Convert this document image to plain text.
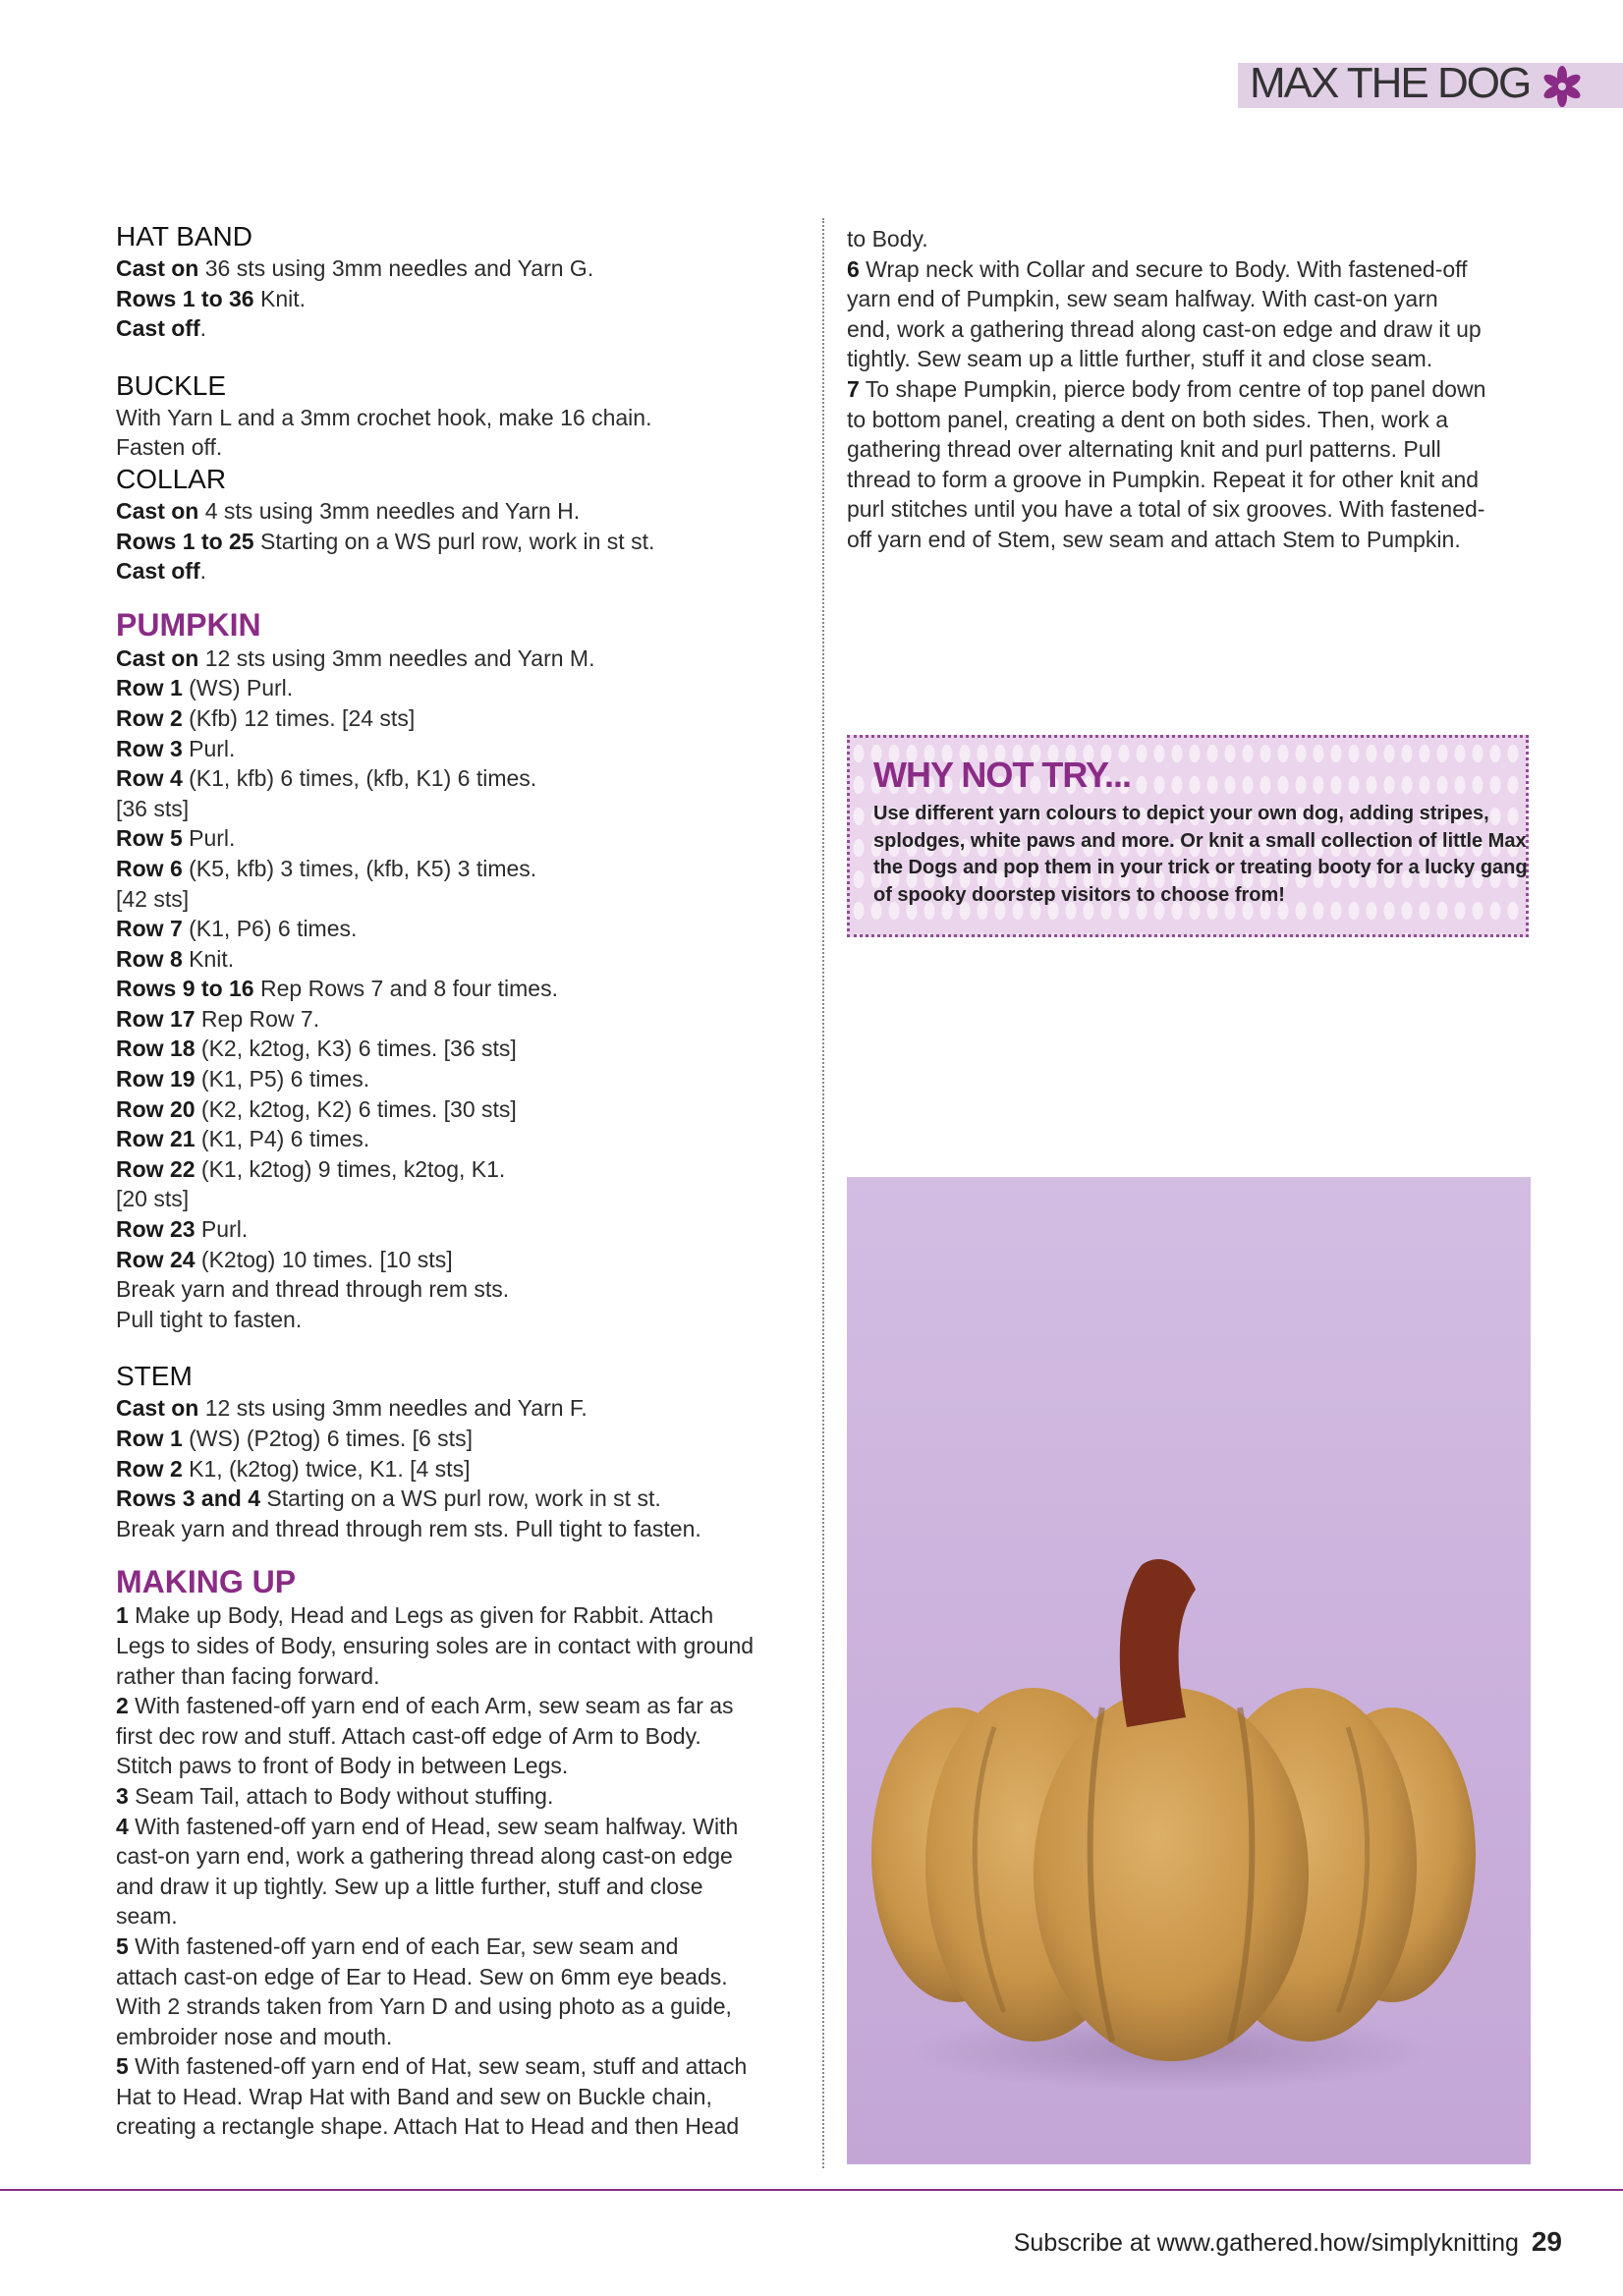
MAX THE DOG
HAT BAND
Cast on 36 sts using 3mm needles and Yarn G.
Rows 1 to 36 Knit.
Cast off.
BUCKLE
With Yarn L and a 3mm crochet hook, make 16 chain.
Fasten off.
COLLAR
Cast on 4 sts using 3mm needles and Yarn H.
Rows 1 to 25 Starting on a WS purl row, work in st st.
Cast off.
PUMPKIN
Cast on 12 sts using 3mm needles and Yarn M.
Row 1 (WS) Purl.
Row 2 (Kfb) 12 times. [24 sts]
Row 3 Purl.
Row 4 (K1, kfb) 6 times, (kfb, K1) 6 times.
[36 sts]
Row 5 Purl.
Row 6 (K5, kfb) 3 times, (kfb, K5) 3 times.
[42 sts]
Row 7 (K1, P6) 6 times.
Row 8 Knit.
Rows 9 to 16 Rep Rows 7 and 8 four times.
Row 17 Rep Row 7.
Row 18 (K2, k2tog, K3) 6 times. [36 sts]
Row 19 (K1, P5) 6 times.
Row 20 (K2, k2tog, K2) 6 times. [30 sts]
Row 21 (K1, P4) 6 times.
Row 22 (K1, k2tog) 9 times, k2tog, K1.
[20 sts]
Row 23 Purl.
Row 24 (K2tog) 10 times. [10 sts]
Break yarn and thread through rem sts.
Pull tight to fasten.
STEM
Cast on 12 sts using 3mm needles and Yarn F.
Row 1 (WS) (P2tog) 6 times. [6 sts]
Row 2 K1, (k2tog) twice, K1. [4 sts]
Rows 3 and 4 Starting on a WS purl row, work in st st.
Break yarn and thread through rem sts. Pull tight to fasten.
MAKING UP
1 Make up Body, Head and Legs as given for Rabbit. Attach
Legs to sides of Body, ensuring soles are in contact with ground
rather than facing forward.
2 With fastened-off yarn end of each Arm, sew seam as far as
first dec row and stuff. Attach cast-off edge of Arm to Body.
Stitch paws to front of Body in between Legs.
3 Seam Tail, attach to Body without stuffing.
4 With fastened-off yarn end of Head, sew seam halfway. With
cast-on yarn end, work a gathering thread along cast-on edge
and draw it up tightly. Sew up a little further, stuff and close
seam.
5 With fastened-off yarn end of each Ear, sew seam and
attach cast-on edge of Ear to Head. Sew on 6mm eye beads.
With 2 strands taken from Yarn D and using photo as a guide,
embroider nose and mouth.
5 With fastened-off yarn end of Hat, sew seam, stuff and attach
Hat to Head. Wrap Hat with Band and sew on Buckle chain,
creating a rectangle shape. Attach Hat to Head and then Head
to Body.
6 Wrap neck with Collar and secure to Body. With fastened-off
yarn end of Pumpkin, sew seam halfway. With cast-on yarn
end, work a gathering thread along cast-on edge and draw it up
tightly. Sew seam up a little further, stuff it and close seam.
7 To shape Pumpkin, pierce body from centre of top panel down
to bottom panel, creating a dent on both sides. Then, work a
gathering thread over alternating knit and purl patterns. Pull
thread to form a groove in Pumpkin. Repeat it for other knit and
purl stitches until you have a total of six grooves. With fastened-
off yarn end of Stem, sew seam and attach Stem to Pumpkin.
WHY NOT TRY...
Use different yarn colours to depict your own dog, adding stripes,
splodges, white paws and more. Or knit a small collection of little Max
the Dogs and pop them in your trick or treating booty for a lucky gang
of spooky doorstep visitors to choose from!
Subscribe at www.gathered.how/simplyknitting 29
